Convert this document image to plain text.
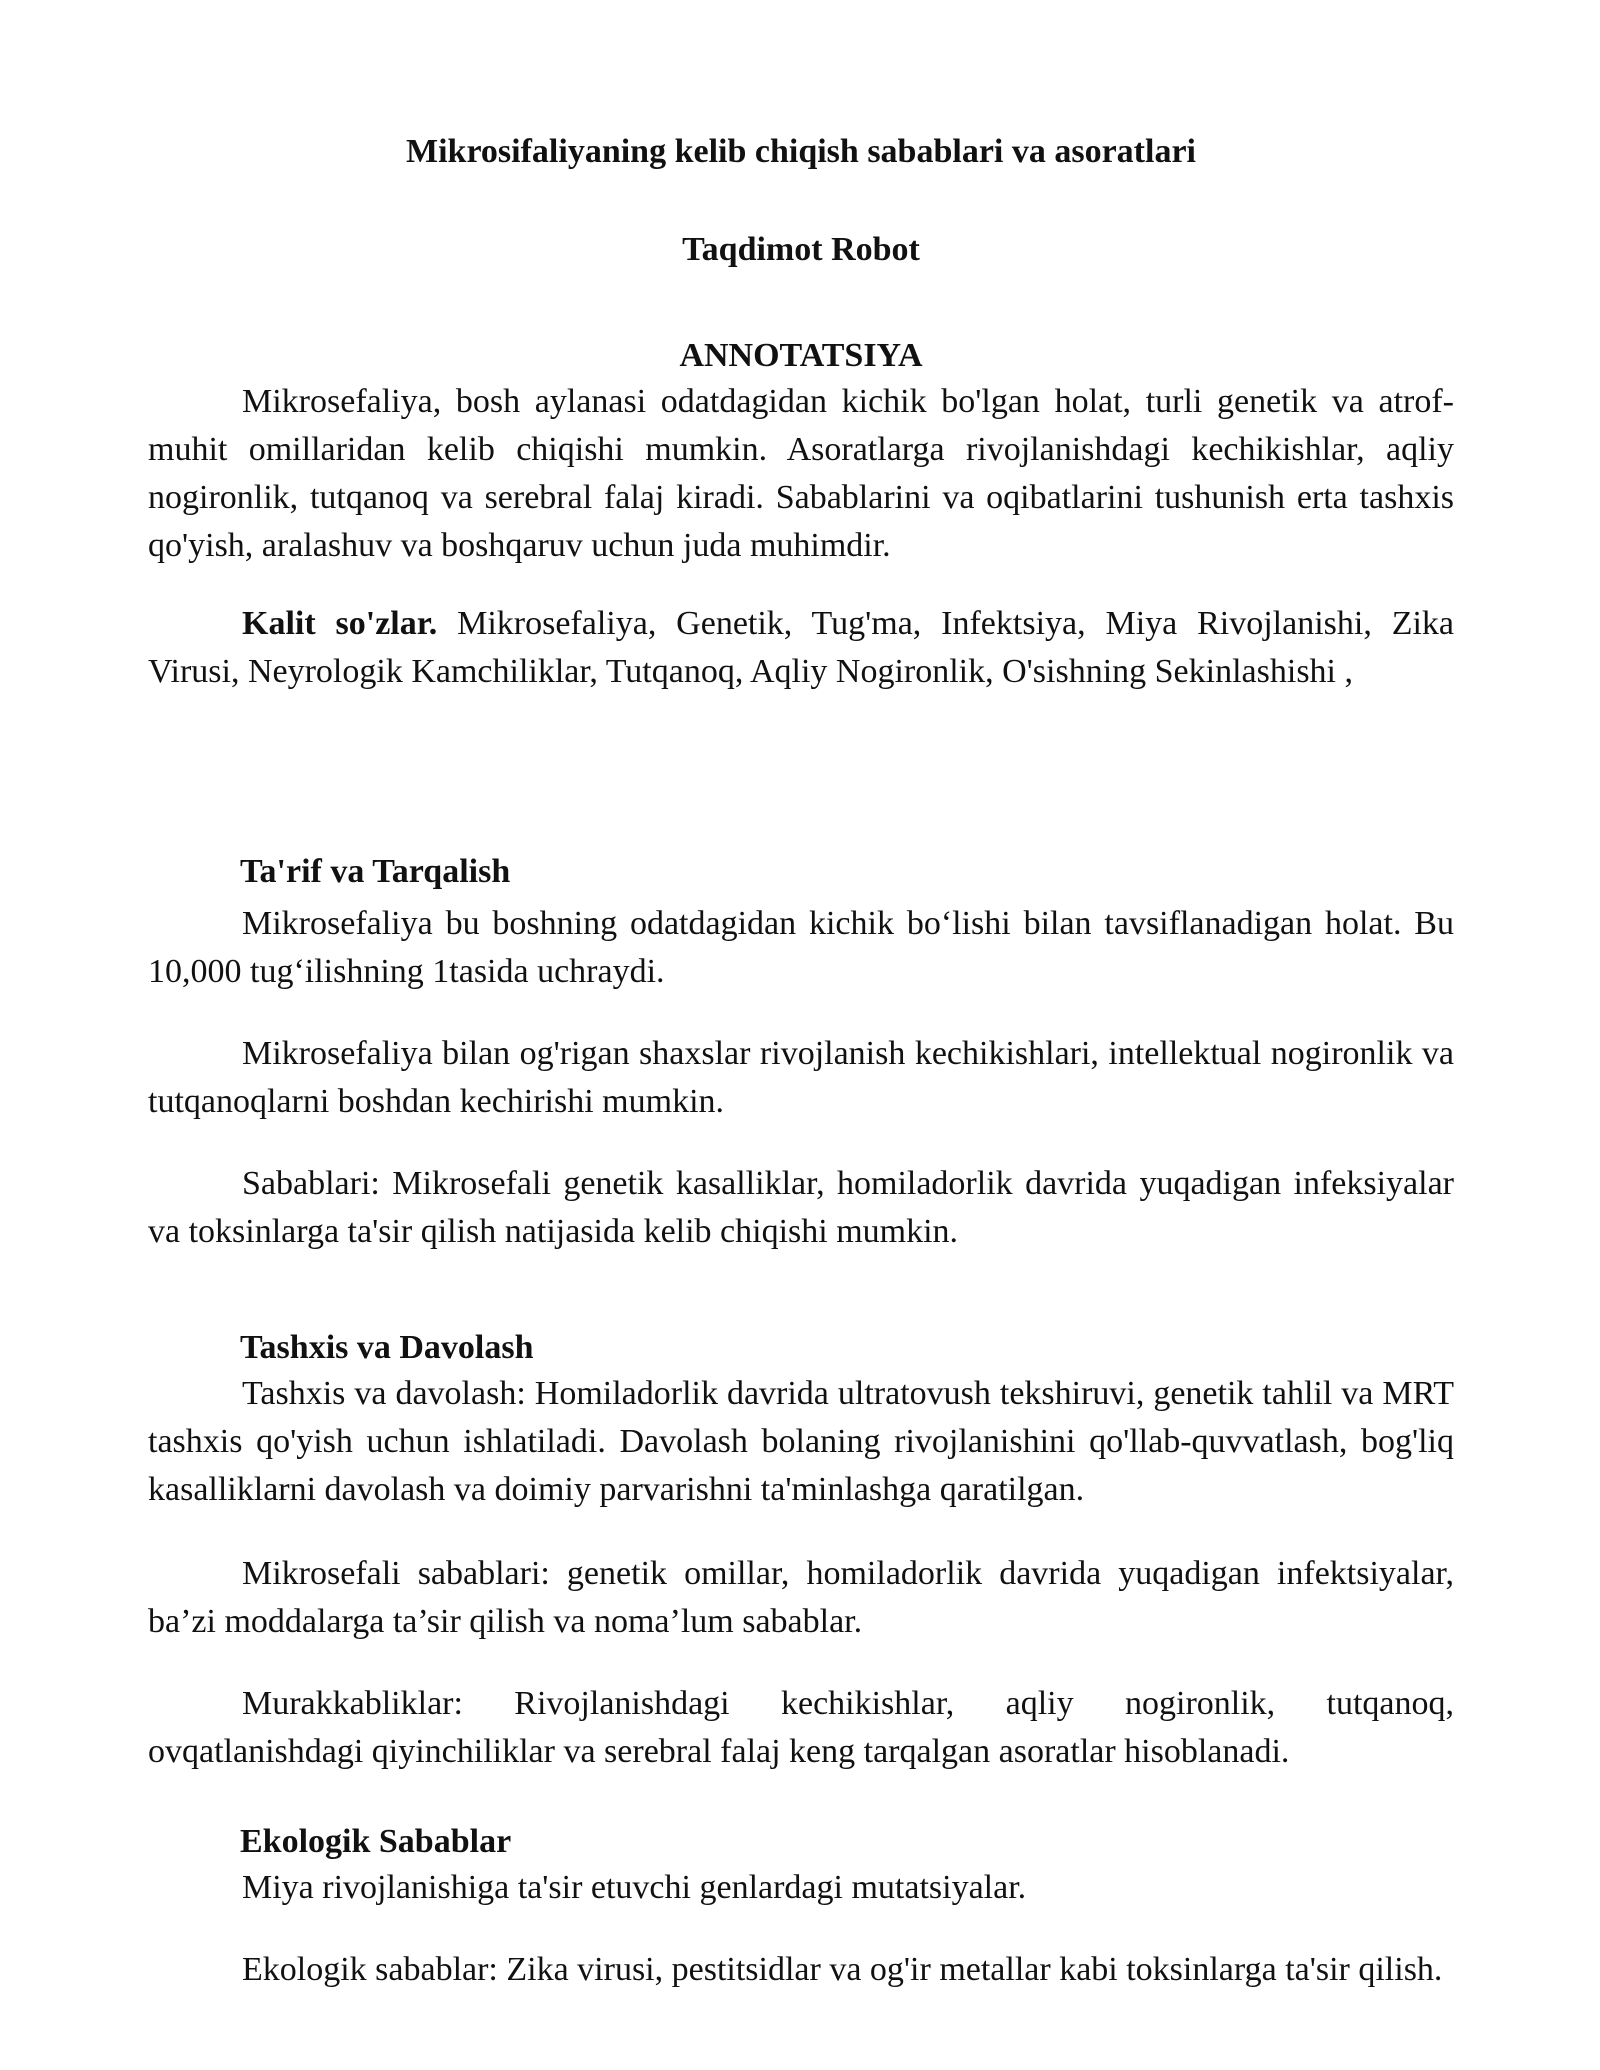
Mikrosifaliyaning kelib chiqish sabablari va asoratlari

Taqdimot Robot

ANNOTATSIYA

Mikrosefaliya, bosh aylanasi odatdagidan kichik bo'lgan holat, turli genetik va atrof-muhit omillaridan kelib chiqishi mumkin. Asoratlarga rivojlanishdagi kechikishlar, aqliy nogironlik, tutqanoq va serebral falaj kiradi. Sabablarini va oqibatlarini tushunish erta tashxis qo'yish, aralashuv va boshqaruv uchun juda muhimdir.

Kalit so'zlar. Mikrosefaliya, Genetik, Tug'ma, Infektsiya, Miya Rivojlanishi, Zika Virusi, Neyrologik Kamchiliklar, Tutqanoq, Aqliy Nogironlik, O'sishning Sekinlashishi ,

Ta'rif va Tarqalish

Mikrosefaliya bu boshning odatdagidan kichik bo‘lishi bilan tavsiflanadigan holat. Bu 10,000 tug‘ilishning 1tasida uchraydi.

Mikrosefaliya bilan og'rigan shaxslar rivojlanish kechikishlari, intellektual nogironlik va tutqanoqlarni boshdan kechirishi mumkin.

Sabablari: Mikrosefali genetik kasalliklar, homiladorlik davrida yuqadigan infeksiyalar va toksinlarga ta'sir qilish natijasida kelib chiqishi mumkin.

Tashxis va Davolash

Tashxis va davolash: Homiladorlik davrida ultratovush tekshiruvi, genetik tahlil va MRT tashxis qo'yish uchun ishlatiladi. Davolash bolaning rivojlanishini qo'llab-quvvatlash, bog'liq kasalliklarni davolash va doimiy parvarishni ta'minlashga qaratilgan.

Mikrosefali sabablari: genetik omillar, homiladorlik davrida yuqadigan infektsiyalar, ba’zi moddalarga ta’sir qilish va noma’lum sabablar.

Murakkabliklar: Rivojlanishdagi kechikishlar, aqliy nogironlik, tutqanoq, ovqatlanishdagi qiyinchiliklar va serebral falaj keng tarqalgan asoratlar hisoblanadi.

Ekologik Sabablar

Miya rivojlanishiga ta'sir etuvchi genlardagi mutatsiyalar.

Ekologik sabablar: Zika virusi, pestitsidlar va og'ir metallar kabi toksinlarga ta'sir qilish.
